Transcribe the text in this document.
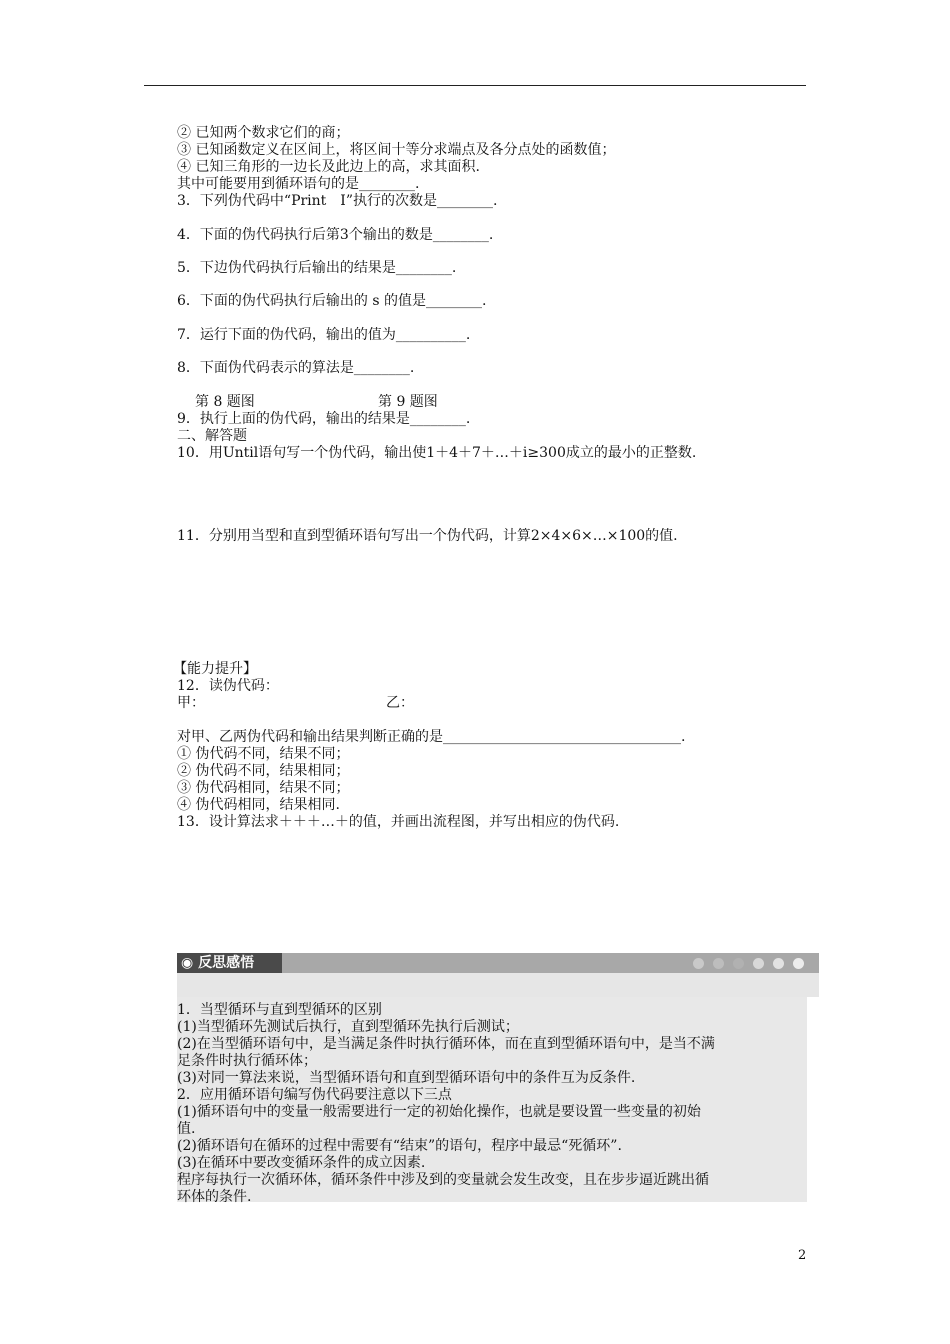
② 已知两个数求它们的商；
③ 已知函数定义在区间上，将区间十等分求端点及各分点处的函数值；
④ 已知三角形的一边长及此边上的高，求其面积.
其中可能要用到循环语句的是________.
3．下列伪代码中“Print　I”执行的次数是________.
4．下面的伪代码执行后第3个输出的数是________.
5．下边伪代码执行后输出的结果是________.
6．下面的伪代码执行后输出的 s 的值是________.
7．运行下面的伪代码，输出的值为__________.
8．下面伪代码表示的算法是________.
第 8 题图	第 9 题图
9．执行上面的伪代码，输出的结果是________.
二、解答题
10．用Until语句写一个伪代码，输出使1＋4＋7＋…＋i≥300成立的最小的正整数.
11．分别用当型和直到型循环语句写出一个伪代码，计算2×4×6×…×100的值.
【能力提升】
12．读伪代码：
甲：	乙：
对甲、乙两伪代码和输出结果判断正确的是__________________________________.
① 伪代码不同，结果不同；
② 伪代码不同，结果相同；
③ 伪代码相同，结果不同；
④ 伪代码相同，结果相同.
13．设计算法求＋＋＋…＋的值，并画出流程图，并写出相应的伪代码.
◉ 反思感悟
1．当型循环与直到型循环的区别
(1)当型循环先测试后执行，直到型循环先执行后测试；
(2)在当型循环语句中，是当满足条件时执行循环体，而在直到型循环语句中，是当不满
足条件时执行循环体；
(3)对同一算法来说，当型循环语句和直到型循环语句中的条件互为反条件.
2．应用循环语句编写伪代码要注意以下三点
(1)循环语句中的变量一般需要进行一定的初始化操作，也就是要设置一些变量的初始
值.
(2)循环语句在循环的过程中需要有“结束”的语句，程序中最忌“死循环”.
(3)在循环中要改变循环条件的成立因素.
程序每执行一次循环体，循环条件中涉及到的变量就会发生改变，且在步步逼近跳出循
环体的条件.
2
